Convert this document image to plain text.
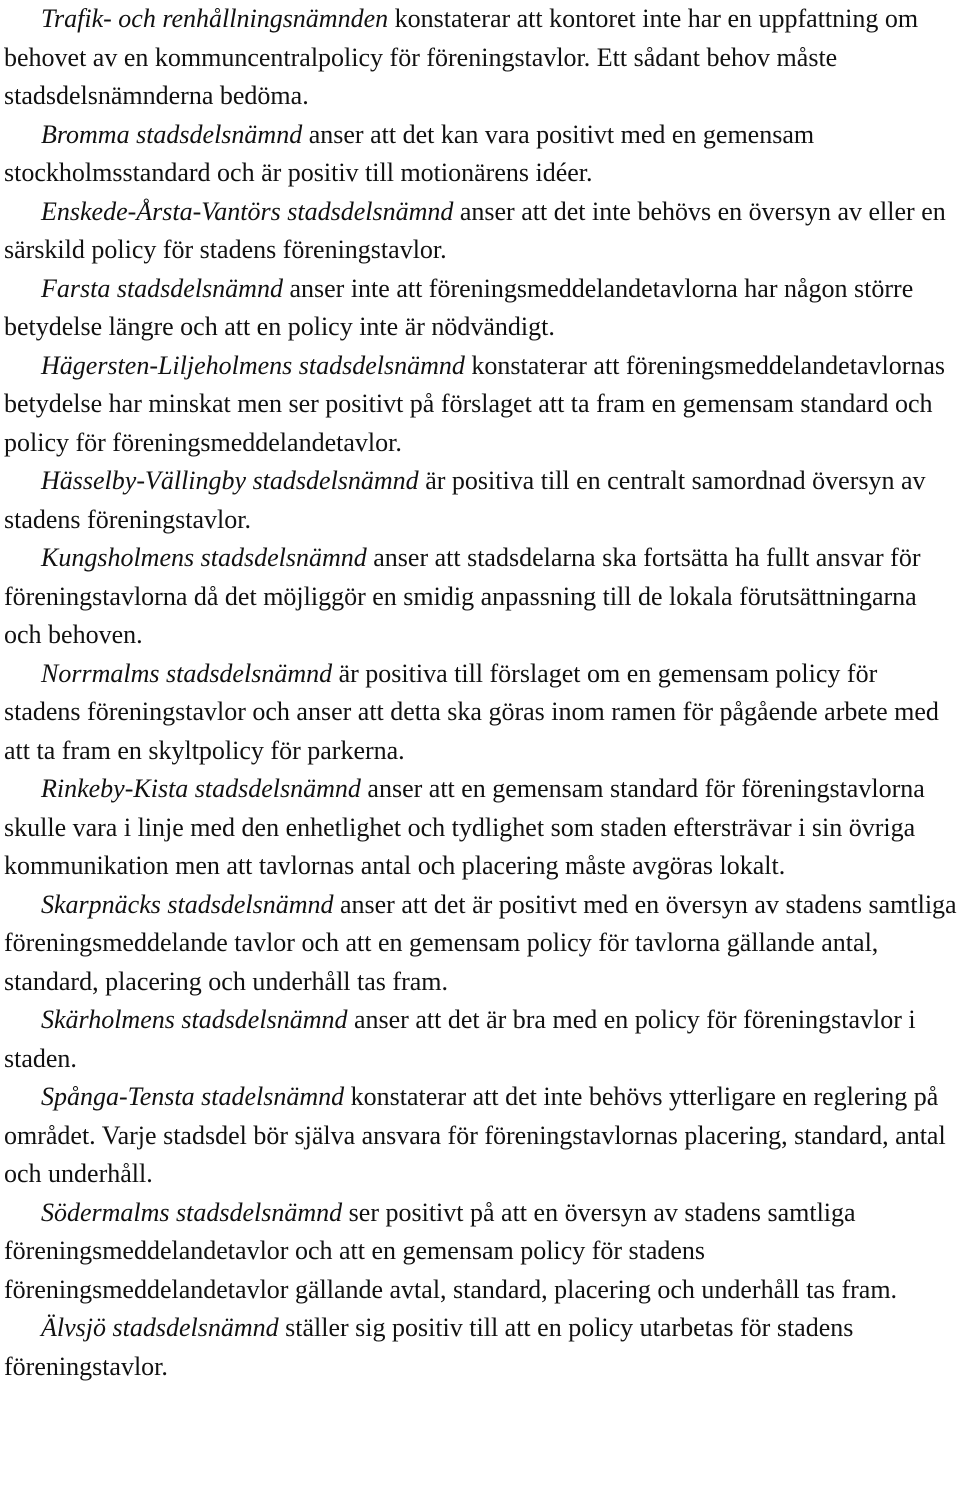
Trafik- och renhållningsnämnden konstaterar att kontoret inte har en uppfattning om behovet av en kommuncentralpolicy för föreningstavlor. Ett sådant behov måste stadsdelsnämnderna bedöma.

Bromma stadsdelsnämnd anser att det kan vara positivt med en gemensam stockholmsstandard och är positiv till motionärens idéer.

Enskede-Årsta-Vantörs stadsdelsnämnd anser att det inte behövs en översyn av eller en särskild policy för stadens föreningstavlor.

Farsta stadsdelsnämnd anser inte att föreningsmeddelandetavlorna har någon större betydelse längre och att en policy inte är nödvändigt.

Hägersten-Liljeholmens stadsdelsnämnd konstaterar att föreningsmeddelandetavlornas betydelse har minskat men ser positivt på förslaget att ta fram en gemensam standard och policy för föreningsmeddelandetavlor.

Hässelby-Vällingby stadsdelsnämnd är positiva till en centralt samordnad översyn av stadens föreningstavlor.

Kungsholmens stadsdelsnämnd anser att stadsdelarna ska fortsätta ha fullt ansvar för föreningstavlorna då det möjliggör en smidig anpassning till de lokala förutsättningarna och behoven.

Norrmalms stadsdelsnämnd är positiva till förslaget om en gemensam policy för stadens föreningstavlor och anser att detta ska göras inom ramen för pågående arbete med att ta fram en skyltpolicy för parkerna.

Rinkeby-Kista stadsdelsnämnd anser att en gemensam standard för föreningstavlorna skulle vara i linje med den enhetlighet och tydlighet som staden eftersträvar i sin övriga kommunikation men att tavlornas antal och placering måste avgöras lokalt.

Skarpnäcks stadsdelsnämnd anser att det är positivt med en översyn av stadens samtliga föreningsmeddelande tavlor och att en gemensam policy för tavlorna gällande antal, standard, placering och underhåll tas fram.

Skärholmens stadsdelsnämnd anser att det är bra med en policy för föreningstavlor i staden.

Spånga-Tensta stadelsnämnd konstaterar att det inte behövs ytterligare en reglering på området. Varje stadsdel bör själva ansvara för föreningstavlornas placering, standard, antal och underhåll.

Södermalms stadsdelsnämnd ser positivt på att en översyn av stadens samtliga föreningsmeddelandetavlor och att en gemensam policy för stadens föreningsmeddelandetavlor gällande avtal, standard, placering och underhåll tas fram.

Älvsjö stadsdelsnämnd ställer sig positiv till att en policy utarbetas för stadens föreningstavlor.
